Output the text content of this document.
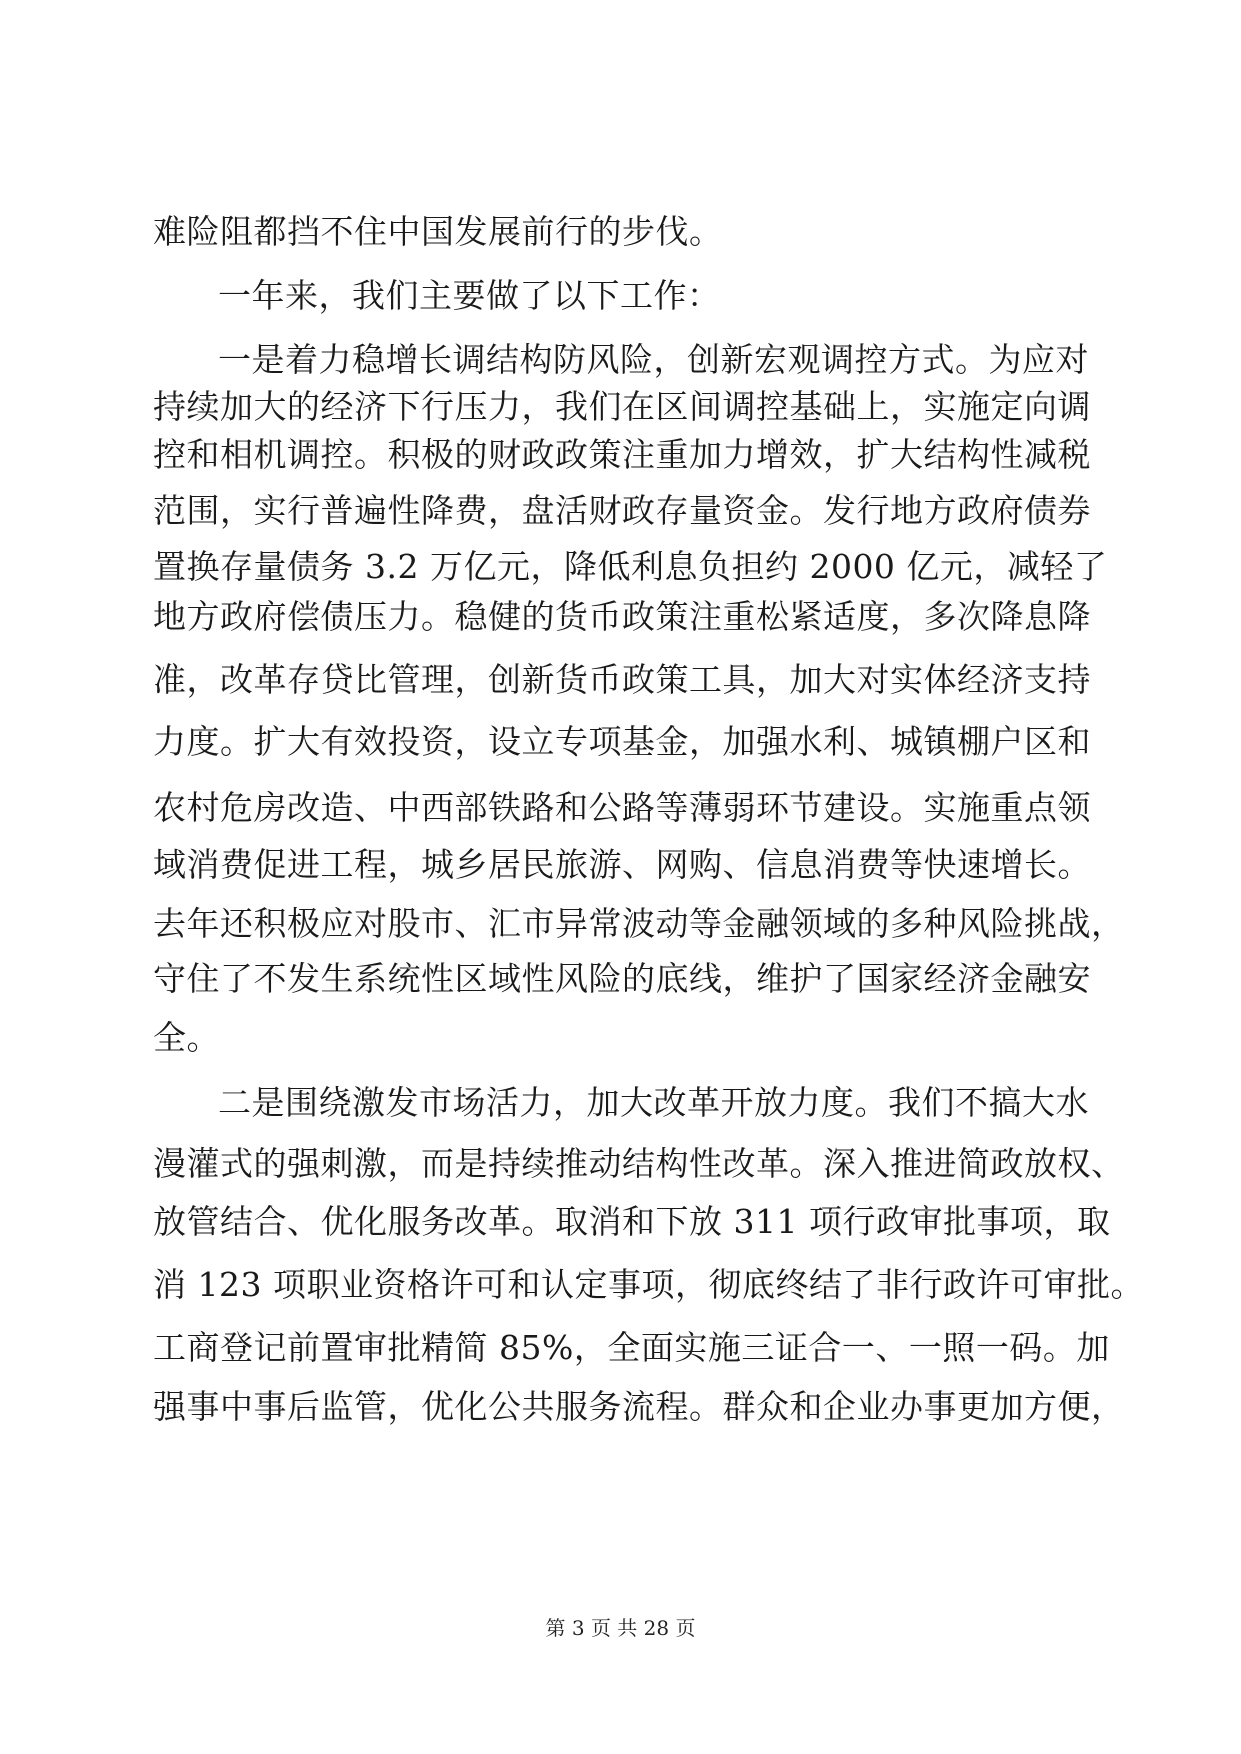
难险阻都挡不住中国发展前行的步伐。
一年来，我们主要做了以下工作：
一是着力稳增长调结构防风险，创新宏观调控方式。为应对
持续加大的经济下行压力，我们在区间调控基础上，实施定向调
控和相机调控。积极的财政政策注重加力增效，扩大结构性减税
范围，实行普遍性降费，盘活财政存量资金。发行地方政府债券
置换存量债务 3.2 万亿元，降低利息负担约 2000 亿元，减轻了
地方政府偿债压力。稳健的货币政策注重松紧适度，多次降息降
准，改革存贷比管理，创新货币政策工具，加大对实体经济支持
力度。扩大有效投资，设立专项基金，加强水利、城镇棚户区和
农村危房改造、中西部铁路和公路等薄弱环节建设。实施重点领
域消费促进工程，城乡居民旅游、网购、信息消费等快速增长。
去年还积极应对股市、汇市异常波动等金融领域的多种风险挑战，
守住了不发生系统性区域性风险的底线，维护了国家经济金融安
全。
二是围绕激发市场活力，加大改革开放力度。我们不搞大水
漫灌式的强刺激，而是持续推动结构性改革。深入推进简政放权、
放管结合、优化服务改革。取消和下放 311 项行政审批事项，取
消 123 项职业资格许可和认定事项，彻底终结了非行政许可审批。
工商登记前置审批精简 85%，全面实施三证合一、一照一码。加
强事中事后监管，优化公共服务流程。群众和企业办事更加方便，
第 3 页 共 28 页
